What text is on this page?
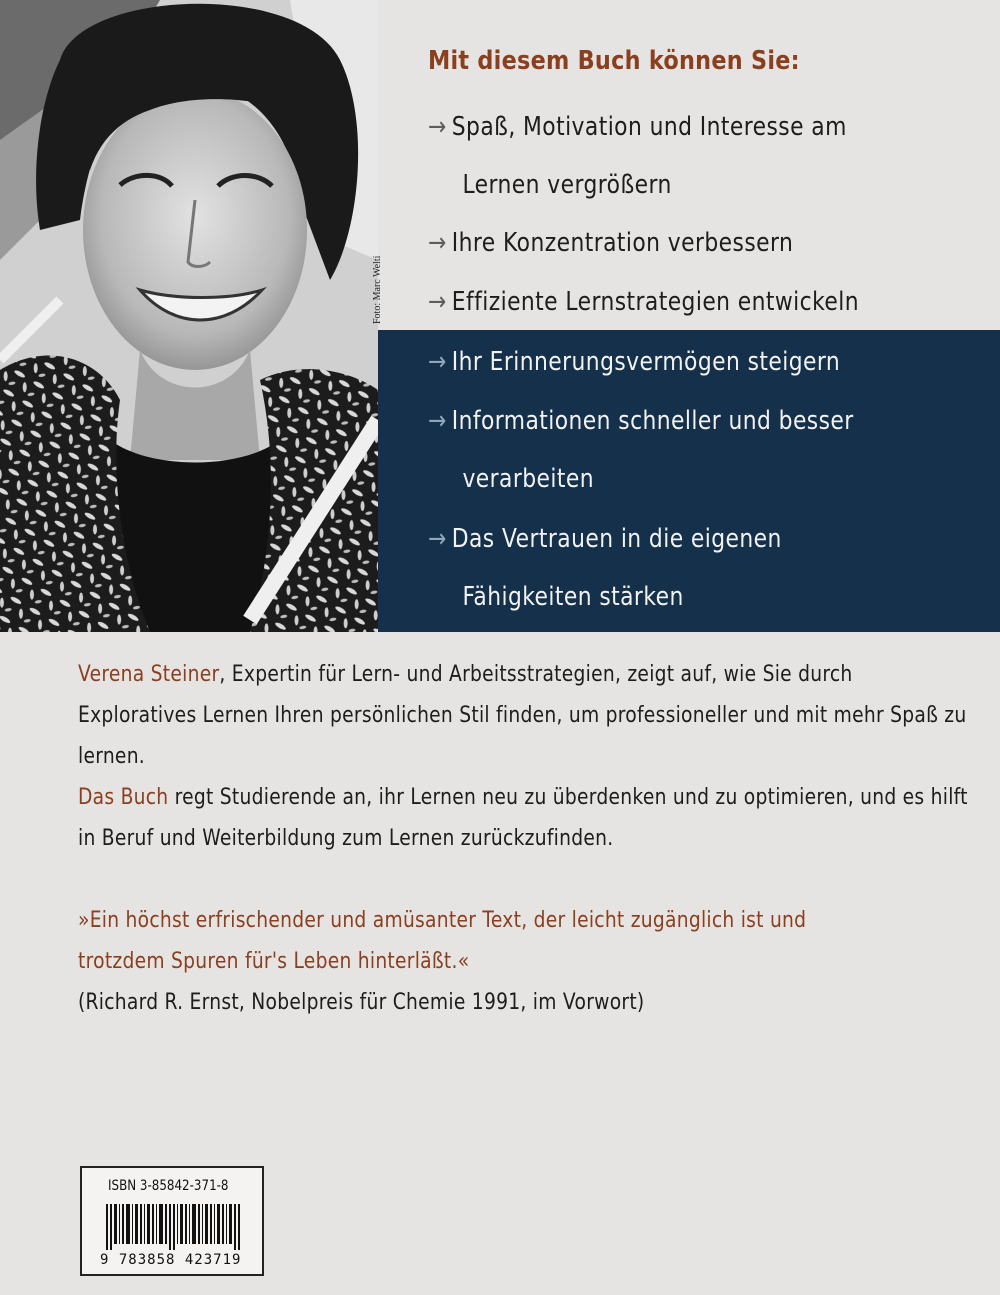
Foto: Marc Welti
Mit diesem Buch können Sie:
→ Spaß, Motivation und Interesse am
Lernen vergrößern
→ Ihre Konzentration verbessern
→ Effiziente Lernstrategien entwickeln
→ Ihr Erinnerungsvermögen steigern
→ Informationen schneller und besser
verarbeiten
→ Das Vertrauen in die eigenen
Fähigkeiten stärken

Verena Steiner, Expertin für Lern- und Arbeitsstrategien, zeigt auf, wie Sie durch Exploratives Lernen Ihren persönlichen Stil finden, um professioneller und mit mehr Spaß zu lernen.

Das Buch regt Studierende an, ihr Lernen neu zu überdenken und zu optimieren, und es hilft in Beruf und Weiterbildung zum Lernen zurückzufinden.

»Ein höchst erfrischender und amüsanter Text, der leicht zugänglich ist und
trotzdem Spuren für's Leben hinterläßt.«
(Richard R. Ernst, Nobelpreis für Chemie 1991, im Vorwort)
ISBN 3-85842-371-8
9 783858 423719
